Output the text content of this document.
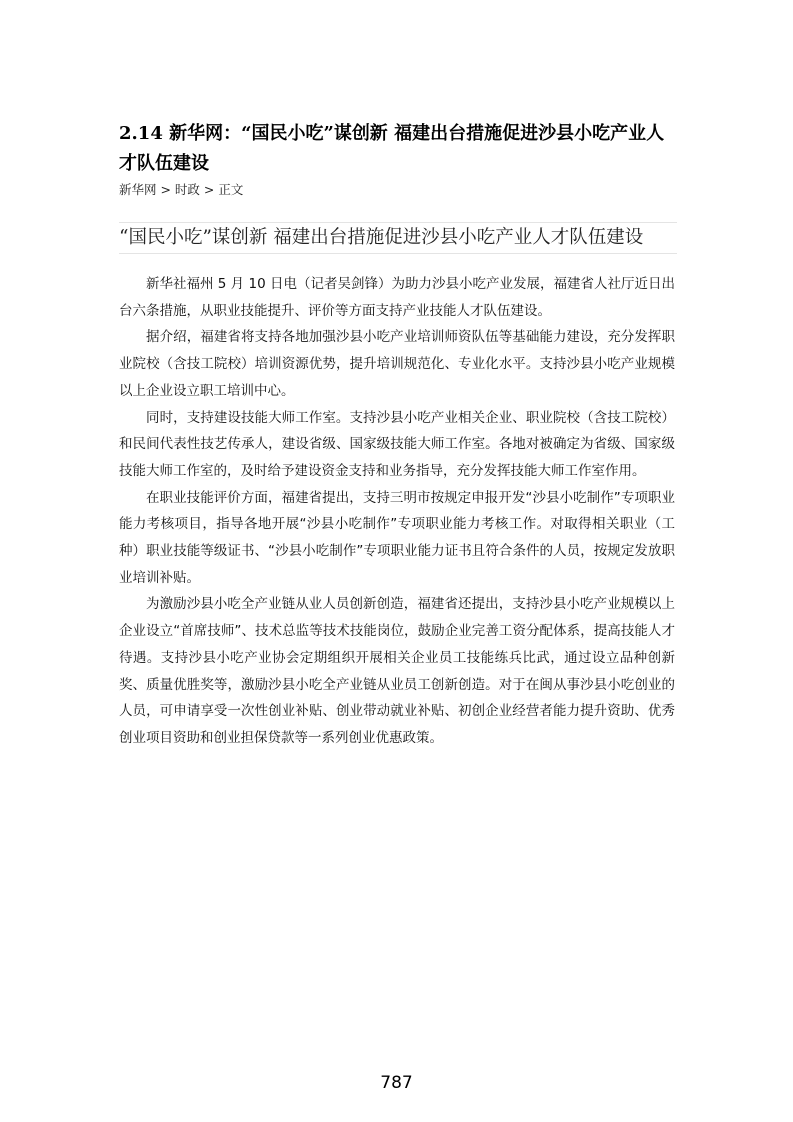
2.14 新华网：“国民小吃”谋创新 福建出台措施促进沙县小吃产业人才队伍建设
新华网 > 时政 > 正文
“国民小吃”谋创新 福建出台措施促进沙县小吃产业人才队伍建设

新华社福州 5 月 10 日电（记者吴剑锋）为助力沙县小吃产业发展，福建省人社厅近日出台六条措施，从职业技能提升、评价等方面支持产业技能人才队伍建设。

据介绍，福建省将支持各地加强沙县小吃产业培训师资队伍等基础能力建设，充分发挥职业院校（含技工院校）培训资源优势，提升培训规范化、专业化水平。支持沙县小吃产业规模以上企业设立职工培训中心。

同时，支持建设技能大师工作室。支持沙县小吃产业相关企业、职业院校（含技工院校）和民间代表性技艺传承人，建设省级、国家级技能大师工作室。各地对被确定为省级、国家级技能大师工作室的，及时给予建设资金支持和业务指导，充分发挥技能大师工作室作用。

在职业技能评价方面，福建省提出，支持三明市按规定申报开发“沙县小吃制作”专项职业能力考核项目，指导各地开展“沙县小吃制作”专项职业能力考核工作。对取得相关职业（工种）职业技能等级证书、“沙县小吃制作”专项职业能力证书且符合条件的人员，按规定发放职业培训补贴。

为激励沙县小吃全产业链从业人员创新创造，福建省还提出，支持沙县小吃产业规模以上企业设立“首席技师”、技术总监等技术技能岗位，鼓励企业完善工资分配体系，提高技能人才待遇。支持沙县小吃产业协会定期组织开展相关企业员工技能练兵比武，通过设立品种创新奖、质量优胜奖等，激励沙县小吃全产业链从业员工创新创造。对于在闽从事沙县小吃创业的人员，可申请享受一次性创业补贴、创业带动就业补贴、初创企业经营者能力提升资助、优秀创业项目资助和创业担保贷款等一系列创业优惠政策。

787
